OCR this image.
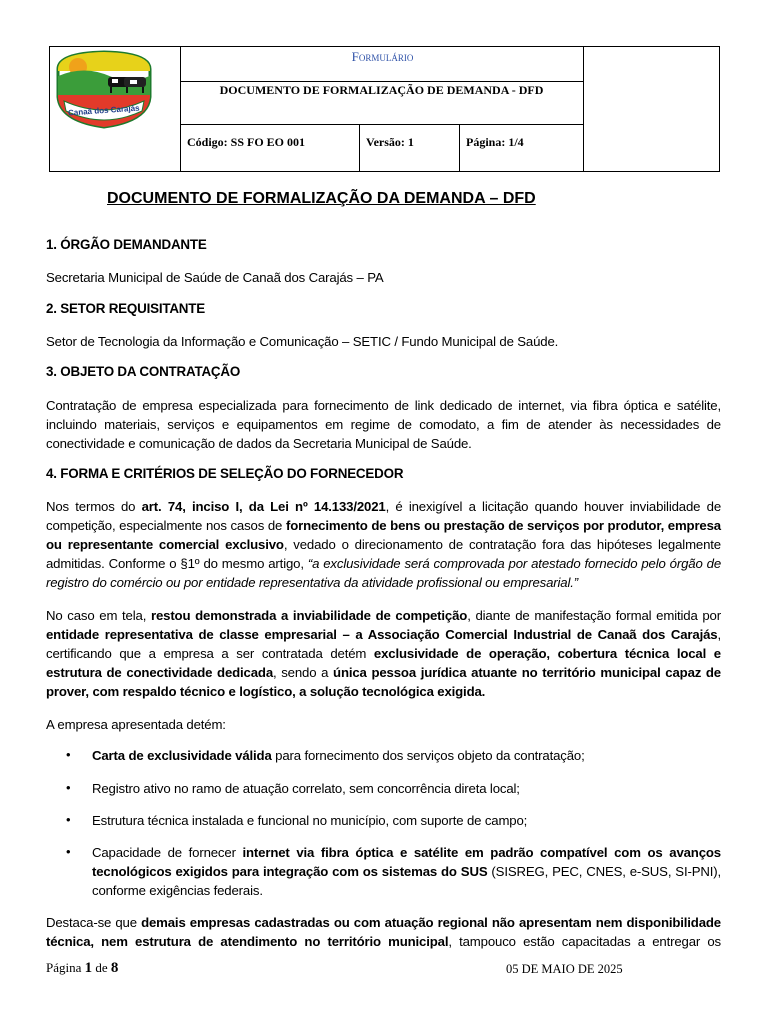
Canaã dos Carajás
Formulário
DOCUMENTO DE FORMALIZAÇÃO DE DEMANDA - DFD
Código: SS FO EO 001	Versão: 1	Página: 1/4
DOCUMENTO DE FORMALIZAÇÃO DA DEMANDA – DFD
1. ÓRGÃO DEMANDANTE
Secretaria Municipal de Saúde de Canaã dos Carajás – PA
2. SETOR REQUISITANTE
Setor de Tecnologia da Informação e Comunicação – SETIC / Fundo Municipal de Saúde.
3. OBJETO DA CONTRATAÇÃO
Contratação de empresa especializada para fornecimento de link dedicado de internet, via fibra óptica e satélite, incluindo materiais, serviços e equipamentos em regime de comodato, a fim de atender às necessidades de conectividade e comunicação de dados da Secretaria Municipal de Saúde.
4. FORMA E CRITÉRIOS DE SELEÇÃO DO FORNECEDOR
Nos termos do art. 74, inciso I, da Lei nº 14.133/2021, é inexigível a licitação quando houver inviabilidade de competição, especialmente nos casos de fornecimento de bens ou prestação de serviços por produtor, empresa ou representante comercial exclusivo, vedado o direcionamento de contratação fora das hipóteses legalmente admitidas. Conforme o §1º do mesmo artigo, “a exclusividade será comprovada por atestado fornecido pelo órgão de registro do comércio ou por entidade representativa da atividade profissional ou empresarial.”
No caso em tela, restou demonstrada a inviabilidade de competição, diante de manifestação formal emitida por entidade representativa de classe empresarial – a Associação Comercial Industrial de Canaã dos Carajás, certificando que a empresa a ser contratada detém exclusividade de operação, cobertura técnica local e estrutura de conectividade dedicada, sendo a única pessoa jurídica atuante no território municipal capaz de prover, com respaldo técnico e logístico, a solução tecnológica exigida.
A empresa apresentada detém:
• Carta de exclusividade válida para fornecimento dos serviços objeto da contratação;
• Registro ativo no ramo de atuação correlato, sem concorrência direta local;
• Estrutura técnica instalada e funcional no município, com suporte de campo;
• Capacidade de fornecer internet via fibra óptica e satélite em padrão compatível com os avanços tecnológicos exigidos para integração com os sistemas do SUS (SISREG, PEC, CNES, e-SUS, SI-PNI), conforme exigências federais.
Destaca-se que demais empresas cadastradas ou com atuação regional não apresentam nem disponibilidade técnica, nem estrutura de atendimento no território municipal, tampouco estão capacitadas a entregar os
Página 1 de 8	05 DE MAIO DE 2025
